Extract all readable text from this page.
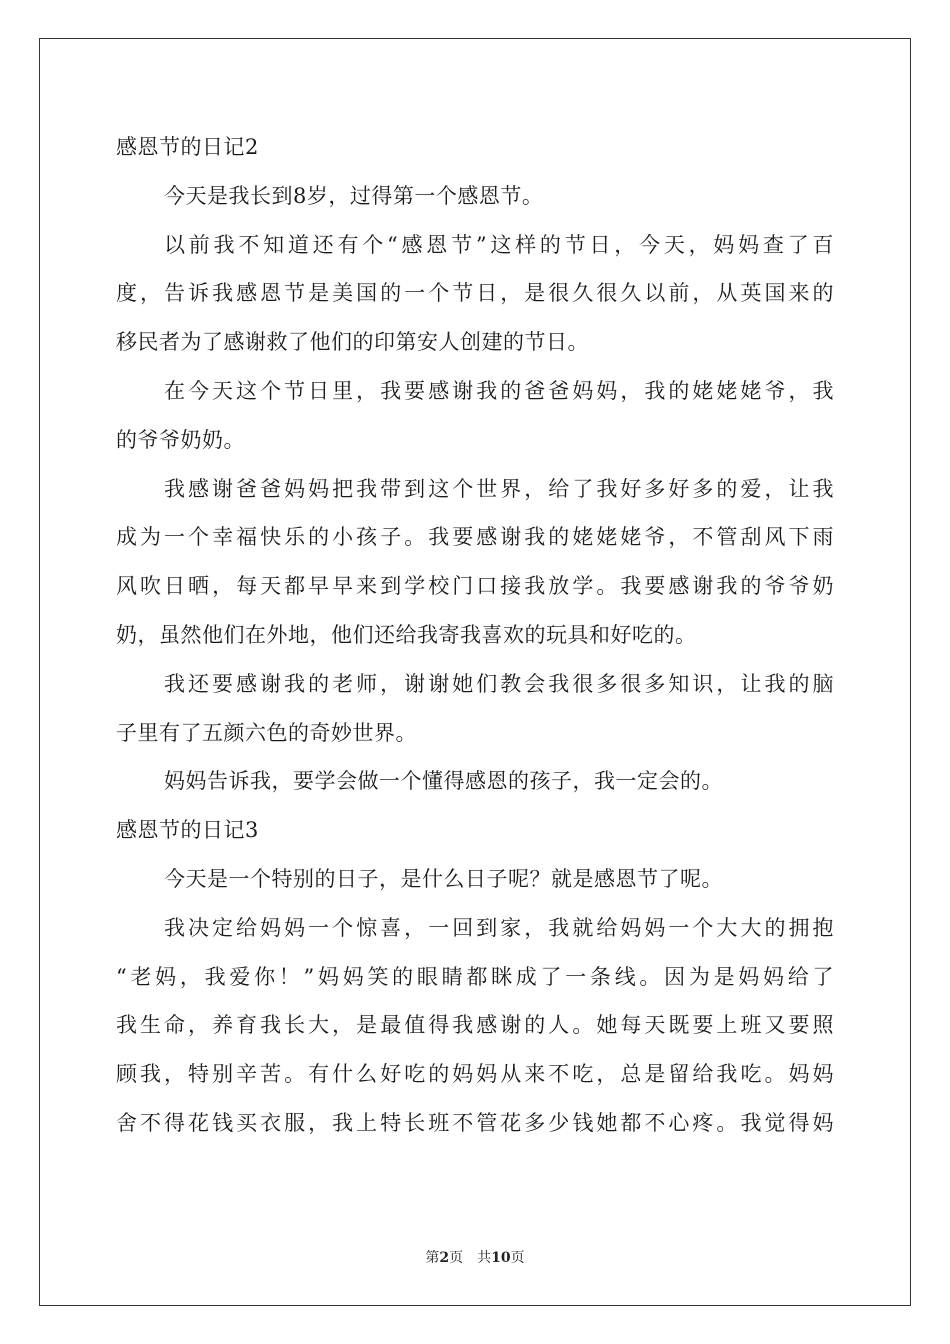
感恩节的日记2
今天是我长到8岁，过得第一个感恩节。
以前我不知道还有个“感恩节”这样的节日，今天，妈妈查了百
度，告诉我感恩节是美国的一个节日，是很久很久以前，从英国来的
移民者为了感谢救了他们的印第安人创建的节日。
在今天这个节日里，我要感谢我的爸爸妈妈，我的姥姥姥爷，我
的爷爷奶奶。
我感谢爸爸妈妈把我带到这个世界，给了我好多好多的爱，让我
成为一个幸福快乐的小孩子。我要感谢我的姥姥姥爷，不管刮风下雨
风吹日晒，每天都早早来到学校门口接我放学。我要感谢我的爷爷奶
奶，虽然他们在外地，他们还给我寄我喜欢的玩具和好吃的。
我还要感谢我的老师，谢谢她们教会我很多很多知识，让我的脑
子里有了五颜六色的奇妙世界。
妈妈告诉我，要学会做一个懂得感恩的孩子，我一定会的。
感恩节的日记3
今天是一个特别的日子，是什么日子呢？就是感恩节了呢。
我决定给妈妈一个惊喜，一回到家，我就给妈妈一个大大的拥抱
“老妈，我爱你！”妈妈笑的眼睛都眯成了一条线。因为是妈妈给了
我生命，养育我长大，是最值得我感谢的人。她每天既要上班又要照
顾我，特别辛苦。有什么好吃的妈妈从来不吃，总是留给我吃。妈妈
舍不得花钱买衣服，我上特长班不管花多少钱她都不心疼。我觉得妈
第2页 共10页
